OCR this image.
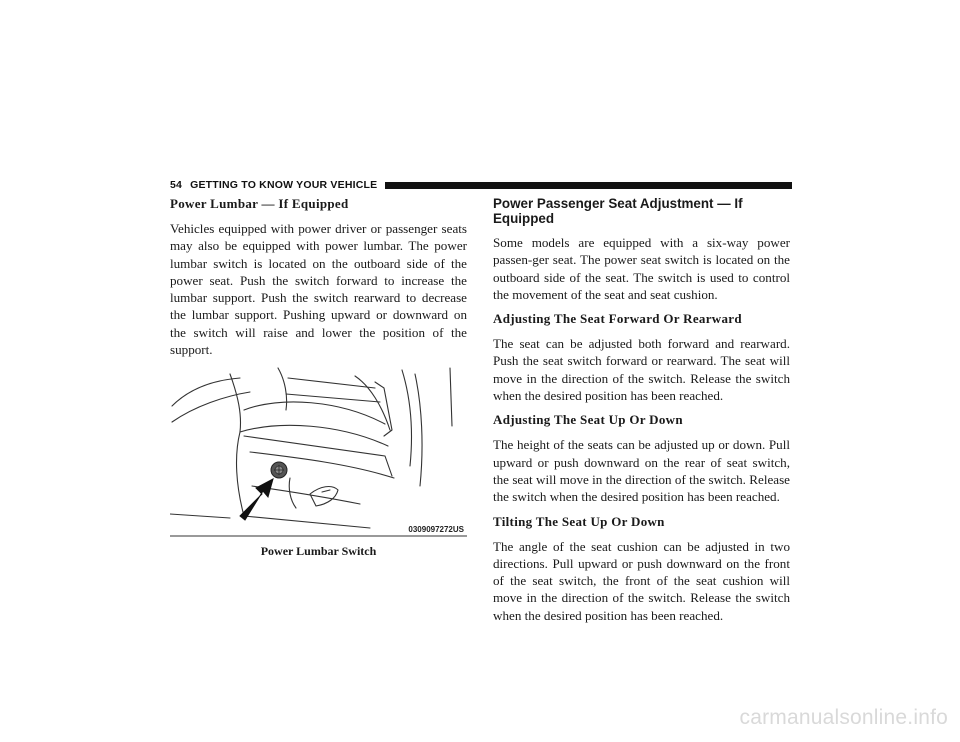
54 GETTING TO KNOW YOUR VEHICLE
Power Lumbar — If Equipped

Vehicles equipped with power driver or passenger seats may also be equipped with power lumbar. The power lumbar switch is located on the outboard side of the power seat. Push the switch forward to increase the lumbar support. Push the switch rearward to decrease the lumbar support. Pushing upward or downward on the switch will raise and lower the position of the support.

0309097272US
Power Lumbar Switch
Power Passenger Seat Adjustment — If Equipped

Some models are equipped with a six-way power passen-ger seat. The power seat switch is located on the outboard side of the seat. The switch is used to control the movement of the seat and seat cushion.

Adjusting The Seat Forward Or Rearward

The seat can be adjusted both forward and rearward. Push the seat switch forward or rearward. The seat will move in the direction of the switch. Release the switch when the desired position has been reached.

Adjusting The Seat Up Or Down

The height of the seats can be adjusted up or down. Pull upward or push downward on the rear of seat switch, the seat will move in the direction of the switch. Release the switch when the desired position has been reached.

Tilting The Seat Up Or Down

The angle of the seat cushion can be adjusted in two directions. Pull upward or push downward on the front of the seat switch, the front of the seat cushion will move in the direction of the switch. Release the switch when the desired position has been reached.

carmanualsonline.info
